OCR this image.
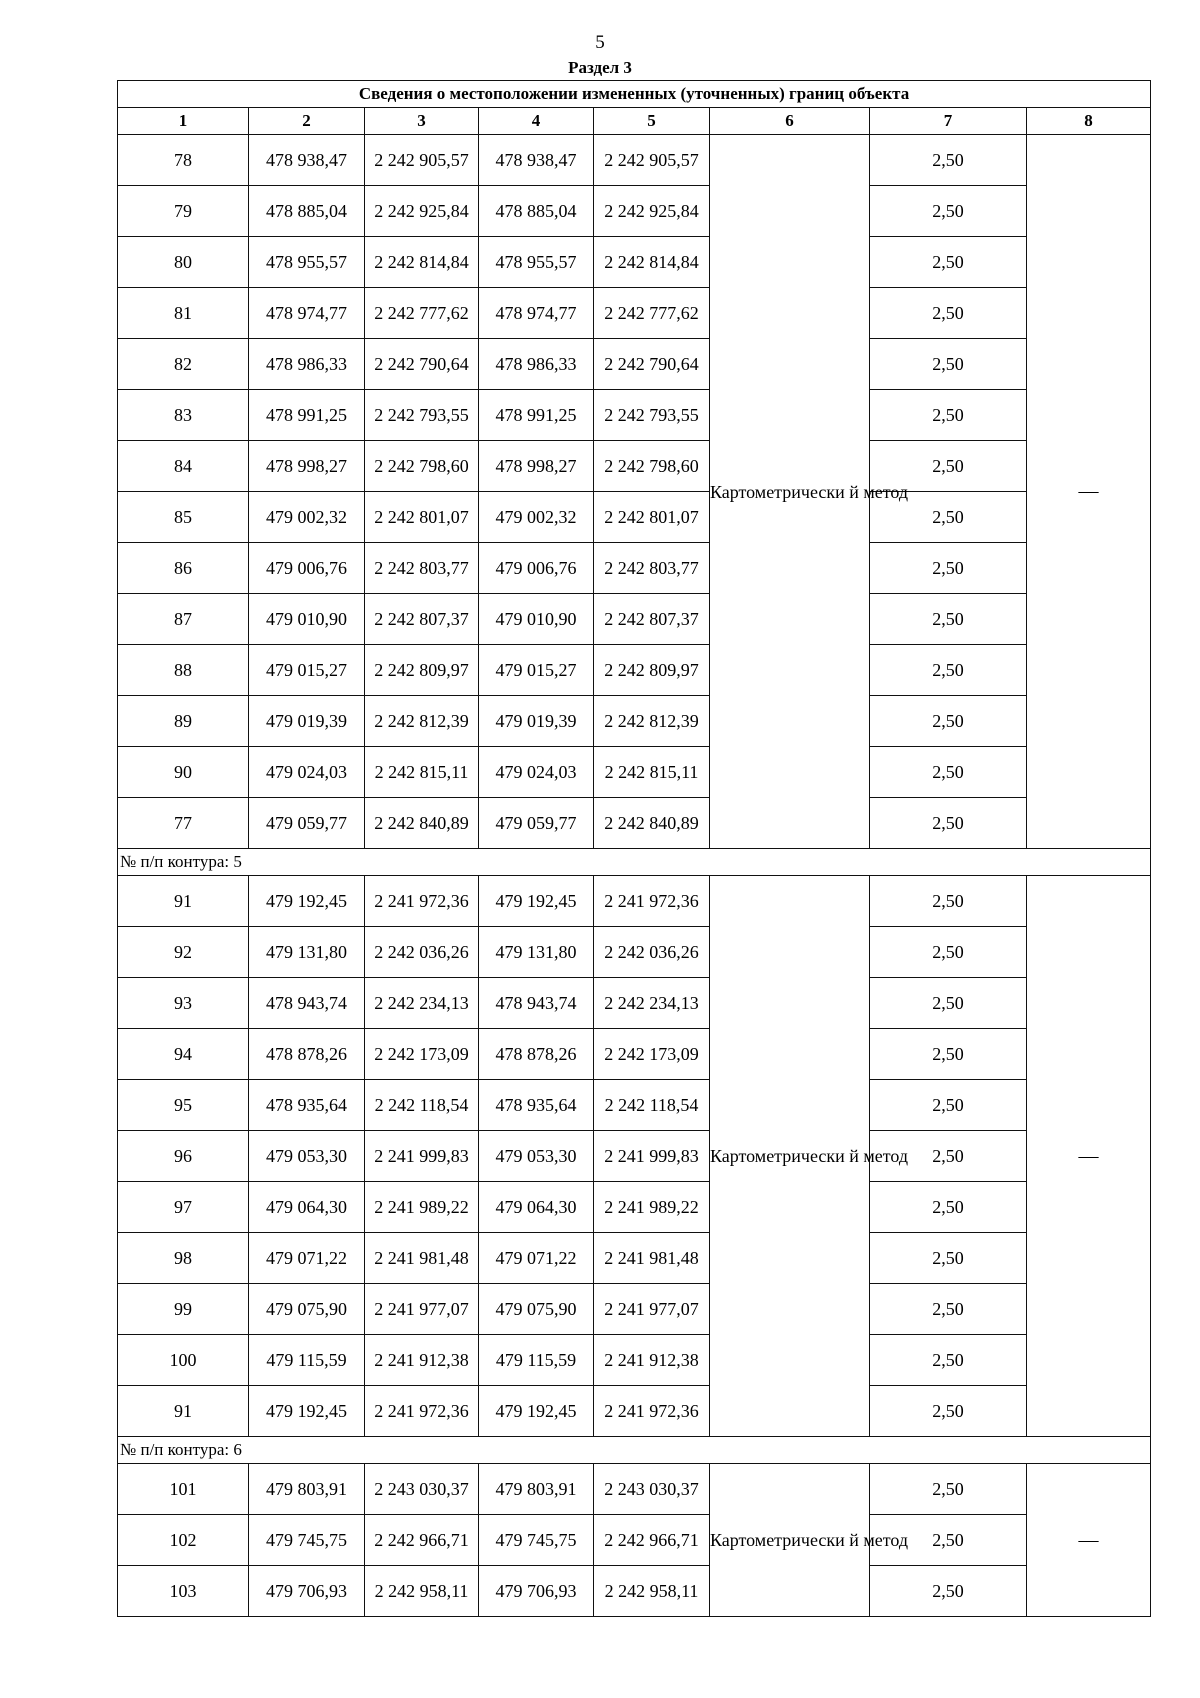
5
Раздел 3
Сведения о местоположении измененных (уточненных) границ объекта							
1	2	3	4	5	6	7	8
78	478 938,47	2 242 905,57	478 938,47	2 242 905,57	Картометрически й метод	2,50	—
79	478 885,04	2 242 925,84	478 885,04	2 242 925,84		2,50	
80	478 955,57	2 242 814,84	478 955,57	2 242 814,84		2,50	
81	478 974,77	2 242 777,62	478 974,77	2 242 777,62		2,50	
82	478 986,33	2 242 790,64	478 986,33	2 242 790,64		2,50	
83	478 991,25	2 242 793,55	478 991,25	2 242 793,55		2,50	
84	478 998,27	2 242 798,60	478 998,27	2 242 798,60		2,50	
85	479 002,32	2 242 801,07	479 002,32	2 242 801,07		2,50	
86	479 006,76	2 242 803,77	479 006,76	2 242 803,77		2,50	
87	479 010,90	2 242 807,37	479 010,90	2 242 807,37		2,50	
88	479 015,27	2 242 809,97	479 015,27	2 242 809,97		2,50	
89	479 019,39	2 242 812,39	479 019,39	2 242 812,39		2,50	
90	479 024,03	2 242 815,11	479 024,03	2 242 815,11		2,50	
77	479 059,77	2 242 840,89	479 059,77	2 242 840,89		2,50	
№ п/п контура: 5							
91	479 192,45	2 241 972,36	479 192,45	2 241 972,36	Картометрически й метод	2,50	—
92	479 131,80	2 242 036,26	479 131,80	2 242 036,26		2,50	
93	478 943,74	2 242 234,13	478 943,74	2 242 234,13		2,50	
94	478 878,26	2 242 173,09	478 878,26	2 242 173,09		2,50	
95	478 935,64	2 242 118,54	478 935,64	2 242 118,54		2,50	
96	479 053,30	2 241 999,83	479 053,30	2 241 999,83		2,50	
97	479 064,30	2 241 989,22	479 064,30	2 241 989,22		2,50	
98	479 071,22	2 241 981,48	479 071,22	2 241 981,48		2,50	
99	479 075,90	2 241 977,07	479 075,90	2 241 977,07		2,50	
100	479 115,59	2 241 912,38	479 115,59	2 241 912,38		2,50	
91	479 192,45	2 241 972,36	479 192,45	2 241 972,36		2,50	
№ п/п контура: 6							
101	479 803,91	2 243 030,37	479 803,91	2 243 030,37	Картометрически й метод	2,50	—
102	479 745,75	2 242 966,71	479 745,75	2 242 966,71		2,50	
103	479 706,93	2 242 958,11	479 706,93	2 242 958,11		2,50	
